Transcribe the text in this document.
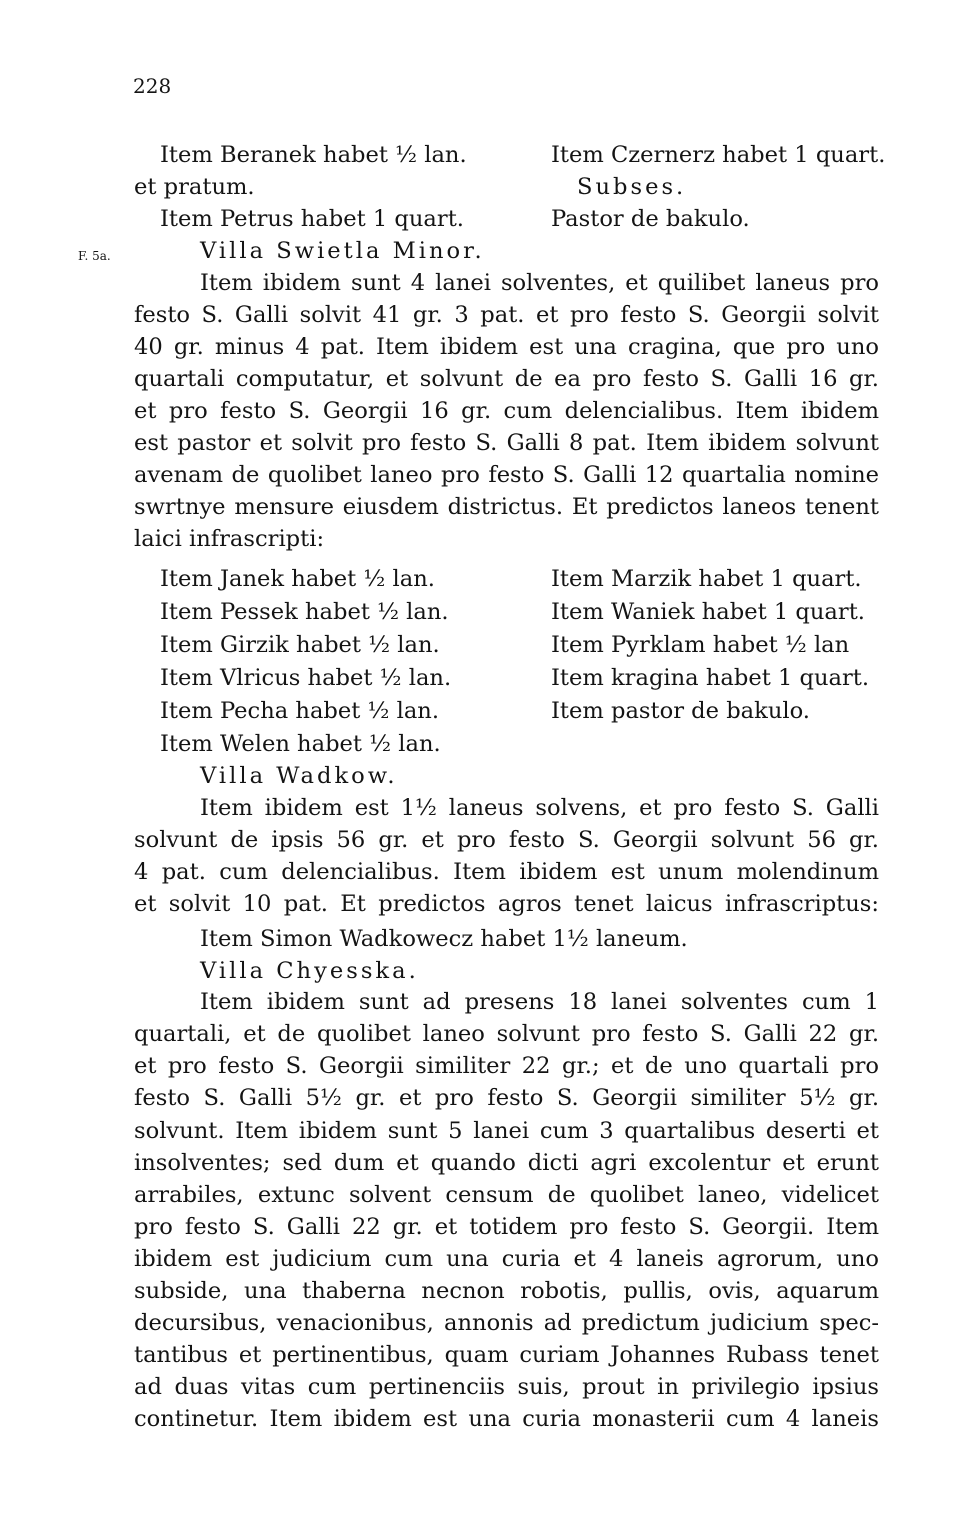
228
Item Beranek habet ½ lan.
et pratum.
Item Petrus habet 1 quart.
Item Czernerz habet 1 quart.
Subses.
Pastor de bakulo.
F. 5a.	Villa Swietla Minor.
Item ibidem sunt 4 lanei solventes, et quilibet laneus pro
festo S. Galli solvit 41 gr. 3 pat. et pro festo S. Georgii solvit
40 gr. minus 4 pat. Item ibidem est una cragina, que pro uno
quartali computatur, et solvunt de ea pro festo S. Galli 16 gr.
et pro festo S. Georgii 16 gr. cum delencialibus. Item ibidem
est pastor et solvit pro festo S. Galli 8 pat. Item ibidem solvunt
avenam de quolibet laneo pro festo S. Galli 12 quartalia nomine
swrtnye mensure eiusdem districtus. Et predictos laneos tenent
laici infrascripti:
Item Janek habet ½ lan.
Item Pessek habet ½ lan.
Item Girzik habet ½ lan.
Item Vlricus habet ½ lan.
Item Pecha habet ½ lan.
Item Welen habet ½ lan.
Item Marzik habet 1 quart.
Item Waniek habet 1 quart.
Item Pyrklam habet ½ lan
Item kragina habet 1 quart.
Item pastor de bakulo.
Villa Wadkow.
Item ibidem est 1½ laneus solvens, et pro festo S. Galli
solvunt de ipsis 56 gr. et pro festo S. Georgii solvunt 56 gr.
4 pat. cum delencialibus. Item ibidem est unum molendinum
et solvit 10 pat. Et predictos agros tenet laicus infrascriptus:
Item Simon Wadkowecz habet 1½ laneum.
Villa Chyesska.
Item ibidem sunt ad presens 18 lanei solventes cum 1
quartali, et de quolibet laneo solvunt pro festo S. Galli 22 gr.
et pro festo S. Georgii similiter 22 gr.; et de uno quartali pro
festo S. Galli 5½ gr. et pro festo S. Georgii similiter 5½ gr.
solvunt. Item ibidem sunt 5 lanei cum 3 quartalibus deserti et
insolventes; sed dum et quando dicti agri excolentur et erunt
arrabiles, extunc solvent censum de quolibet laneo, videlicet
pro festo S. Galli 22 gr. et totidem pro festo S. Georgii. Item
ibidem est judicium cum una curia et 4 laneis agrorum, uno
subside, una thaberna necnon robotis, pullis, ovis, aquarum
decursibus, venacionibus, annonis ad predictum judicium spec-
tantibus et pertinentibus, quam curiam Johannes Rubass tenet
ad duas vitas cum pertinenciis suis, prout in privilegio ipsius
continetur. Item ibidem est una curia monasterii cum 4 laneis
